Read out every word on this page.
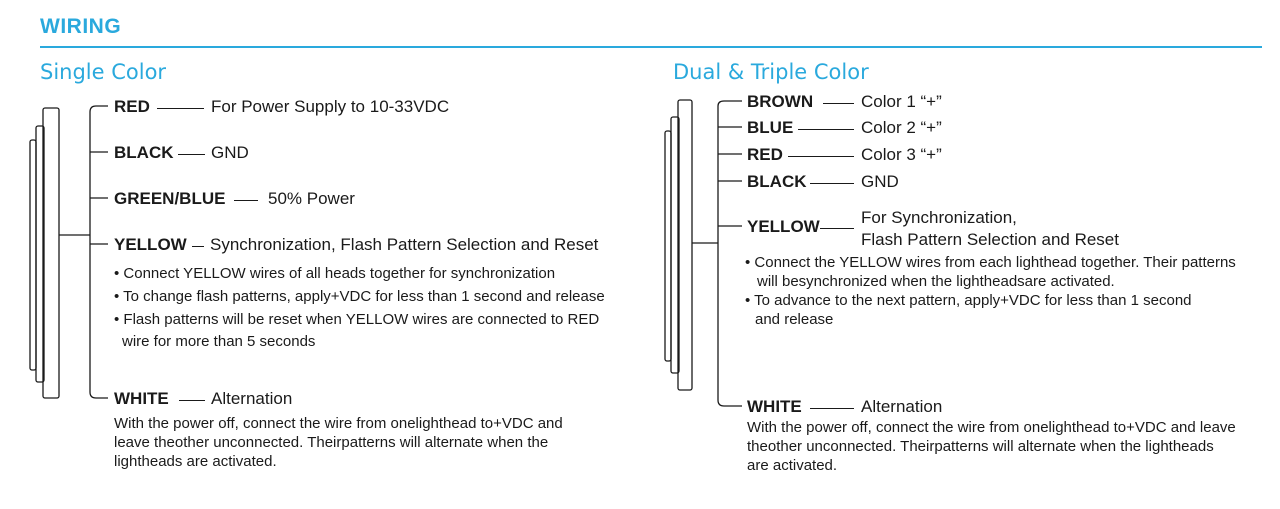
WIRING
Single Color
RED	For Power Supply to 10-33VDC
BLACK GND
GREEN/BLUE	50% Power
YELLOW Synchronization, Flash Pattern Selection and Reset
• Connect YELLOW wires of all heads together for synchronization
• To change flash patterns, apply+VDC for less than 1 second and release
• Flash patterns will be reset when YELLOW wires are connected to RED
wire for more than 5 seconds
WHITE Alternation
With the power off, connect the wire from onelighthead to+VDC and
leave theother unconnected. Theirpatterns will alternate when the
lightheads are activated.
Dual & Triple Color
BROWN	Color 1 “+”
BLUE	Color 2 “+”
RED	Color 3 “+”
BLACK	GND
YELLOW For Synchronization,
Flash Pattern Selection and Reset
• Connect the YELLOW wires from each lighthead together. Their patterns
will besynchronized when the lightheadsare activated.
• To advance to the next pattern, apply+VDC for less than 1 second
and release
WHITE	Alternation
With the power off, connect the wire from onelighthead to+VDC and leave
theother unconnected. Theirpatterns will alternate when the lightheads
are activated.
